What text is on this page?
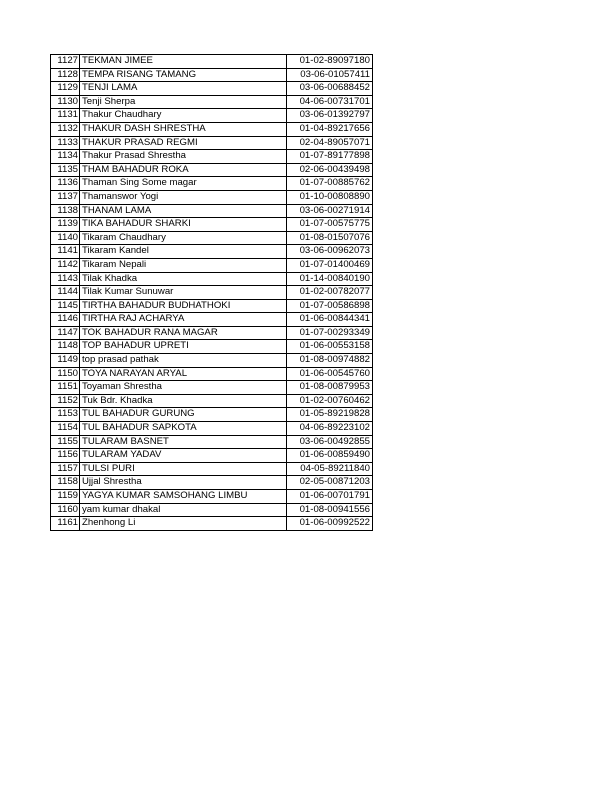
1127	TEKMAN JIMEE	01-02-89097180
1128	TEMPA RISANG TAMANG	03-06-01057411
1129	TENJI LAMA	03-06-00688452
1130	Tenji Sherpa	04-06-00731701
1131	Thakur Chaudhary	03-06-01392797
1132	THAKUR DASH SHRESTHA	01-04-89217656
1133	THAKUR PRASAD REGMI	02-04-89057071
1134	Thakur Prasad Shrestha	01-07-89177898
1135	THAM BAHADUR ROKA	02-06-00439498
1136	Thaman Sing Some magar	01-07-00885762
1137	Thamanswor Yogi	01-10-00808890
1138	THANAM LAMA	03-06-00271914
1139	TIKA BAHADUR SHARKI	01-07-00575775
1140	Tikaram Chaudhary	01-08-01507076
1141	Tikaram Kandel	03-06-00962073
1142	Tikaram Nepali	01-07-01400469
1143	Tilak Khadka	01-14-00840190
1144	Tilak Kumar Sunuwar	01-02-00782077
1145	TIRTHA BAHADUR BUDHATHOKI	01-07-00586898
1146	TIRTHA RAJ ACHARYA	01-06-00844341
1147	TOK BAHADUR RANA MAGAR	01-07-00293349
1148	TOP BAHADUR UPRETI	01-06-00553158
1149	top prasad pathak	01-08-00974882
1150	TOYA NARAYAN ARYAL	01-06-00545760
1151	Toyaman Shrestha	01-08-00879953
1152	Tuk Bdr. Khadka	01-02-00760462
1153	TUL BAHADUR GURUNG	01-05-89219828
1154	TUL BAHADUR SAPKOTA	04-06-89223102
1155	TULARAM BASNET	03-06-00492855
1156	TULARAM YADAV	01-06-00859490
1157	TULSI PURI	04-05-89211840
1158	Ujjal Shrestha	02-05-00871203
1159	YAGYA KUMAR SAMSOHANG LIMBU	01-06-00701791
1160	yam kumar dhakal	01-08-00941556
1161	Zhenhong Li	01-06-00992522
